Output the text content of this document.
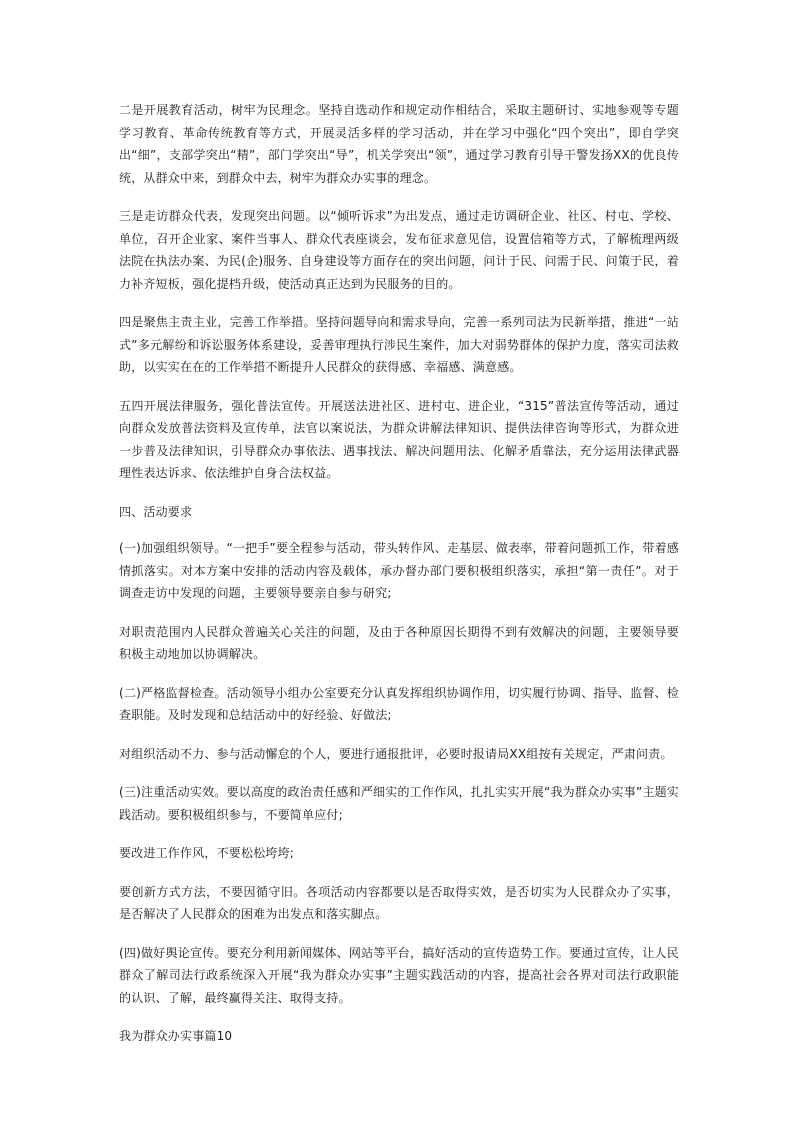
二是开展教育活动，树牢为民理念。坚持自选动作和规定动作相结合，采取主题研讨、实地参观等专题学习教育、革命传统教育等方式，开展灵活多样的学习活动，并在学习中强化“四个突出”，即自学突出“细”，支部学突出“精”，部门学突出“导”，机关学突出“领”，通过学习教育引导干警发扬XX的优良传统，从群众中来，到群众中去，树牢为群众办实事的理念。

三是走访群众代表，发现突出问题。以“倾听诉求”为出发点，通过走访调研企业、社区、村屯、学校、单位，召开企业家、案件当事人、群众代表座谈会，发布征求意见信，设置信箱等方式，了解梳理两级法院在执法办案、为民(企)服务、自身建设等方面存在的突出问题，问计于民、问需于民、问策于民，着力补齐短板，强化提档升级，使活动真正达到为民服务的目的。

四是聚焦主责主业，完善工作举措。坚持问题导向和需求导向，完善一系列司法为民新举措，推进“一站式”多元解纷和诉讼服务体系建设，妥善审理执行涉民生案件，加大对弱势群体的保护力度，落实司法救助，以实实在在的工作举措不断提升人民群众的获得感、幸福感、满意感。

五四开展法律服务，强化普法宣传。开展送法进社区、进村屯、进企业，“315”普法宣传等活动，通过向群众发放普法资料及宣传单，法官以案说法，为群众讲解法律知识、提供法律咨询等形式，为群众进一步普及法律知识，引导群众办事依法、遇事找法、解决问题用法、化解矛盾靠法，充分运用法律武器理性表达诉求、依法维护自身合法权益。

四、活动要求

(一)加强组织领导。“一把手”要全程参与活动，带头转作风、走基层、做表率，带着问题抓工作，带着感情抓落实。对本方案中安排的活动内容及载体，承办督办部门要积极组织落实，承担“第一责任”。对于调查走访中发现的问题，主要领导要亲自参与研究;

对职责范围内人民群众普遍关心关注的问题，及由于各种原因长期得不到有效解决的问题，主要领导要积极主动地加以协调解决。

(二)严格监督检查。活动领导小组办公室要充分认真发挥组织协调作用，切实履行协调、指导、监督、检查职能。及时发现和总结活动中的好经验、好做法;

对组织活动不力、参与活动懈怠的个人，要进行通报批评，必要时报请局XX组按有关规定，严肃问责。

(三)注重活动实效。要以高度的政治责任感和严细实的工作作风，扎扎实实开展“我为群众办实事”主题实践活动。要积极组织参与，不要简单应付;

要改进工作作风，不要松松垮垮;

要创新方式方法，不要因循守旧。各项活动内容都要以是否取得实效，是否切实为人民群众办了实事，是否解决了人民群众的困难为出发点和落实脚点。

(四)做好舆论宣传。要充分利用新闻媒体、网站等平台，搞好活动的宣传造势工作。要通过宣传，让人民群众了解司法行政系统深入开展“我为群众办实事”主题实践活动的内容，提高社会各界对司法行政职能的认识、了解，最终赢得关注、取得支持。

我为群众办实事篇10
